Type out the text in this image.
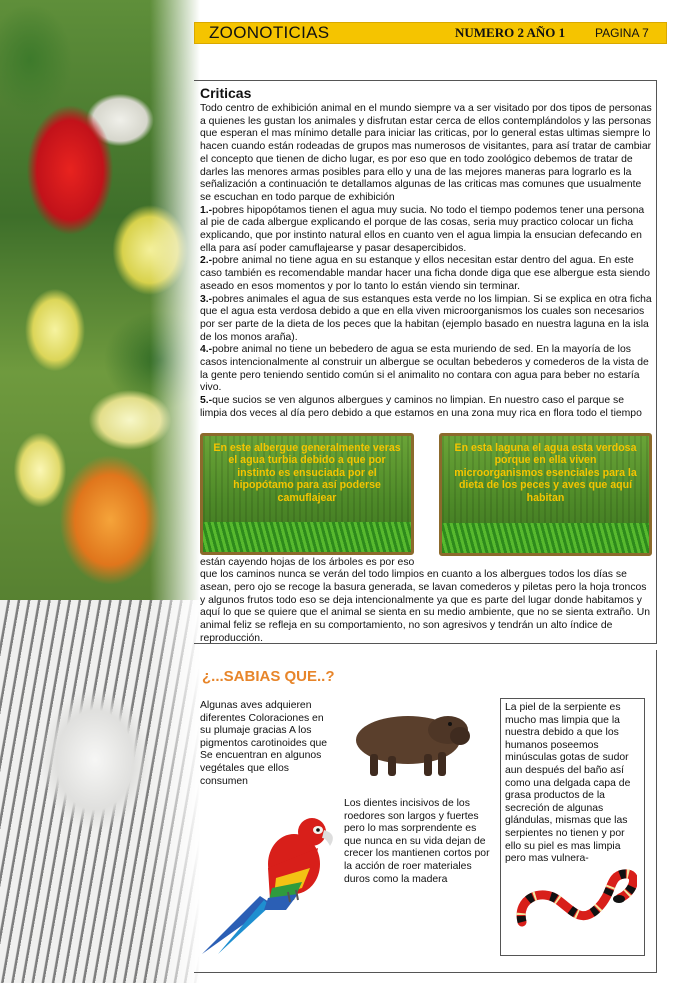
ZOONOTICIAS	NUMERO 2 AÑO 1 PAGINA 7
Criticas

Todo centro de exhibición animal en el mundo siempre va a ser visitado por dos tipos de personas a quienes les gustan los animales y disfrutan estar cerca de ellos contemplándolos y las personas que esperan el mas mínimo detalle para iniciar las criticas, por lo general estas ultimas siempre lo hacen cuando están rodeadas de grupos mas numerosos de visitantes, para así tratar de cambiar el concepto que tienen de dicho lugar, es por eso que en todo zoológico debemos de tratar de darles las menores armas posibles para ello y una de las mejores maneras para lograrlo es la señalización a continuación te detallamos algunas de las criticas mas comunes que usualmente se escuchan en todo parque de exhibición

En esta laguna el agua esta verdosa porque en ella viven microorganismos esenciales para la dieta de los peces y aves que aquí habitan
En este albergue generalmente veras el agua turbia debido a que por instinto es ensuciada por el hipopótamo para así poderse camuflajear

1.-pobres hipopótamos tienen el agua muy sucia. No todo el tiempo podemos tener una persona al pie de cada albergue explicando el porque de las cosas, seria muy practico colocar un ficha explicando, que por instinto natural ellos en cuanto ven el agua limpia la ensucian defecando en ella para así poder camuflajearse y pasar desapercibidos.

2.-pobre animal no tiene agua en su estanque y ellos necesitan estar dentro del agua. En este caso también es recomendable mandar hacer una ficha donde diga que ese albergue esta siendo aseado en esos momentos y por lo tanto lo están viendo sin terminar.

3.-pobres animales el agua de sus estanques esta verde no los limpian. Si se explica en otra ficha que el agua esta verdosa debido a que en ella viven microorganismos los cuales son necesarios por ser parte de la dieta de los peces que la habitan (ejemplo basado en nuestra laguna en la isla de los monos araña).

4.-pobre animal no tiene un bebedero de agua se esta muriendo de sed. En la mayoría de los casos intencionalmente al construir un albergue se ocultan bebederos y comederos de la vista de la gente pero teniendo sentido común si el animalito no contara con agua para beber no estaría vivo.

5.-que sucios se ven algunos albergues y caminos no limpian. En nuestro caso el parque se limpia dos veces al día pero debido a que estamos en una zona muy rica en flora todo el tiempo están cayendo hojas de los árboles es por eso que los caminos nunca se verán del todo limpios en cuanto a los albergues todos los días se asean, pero ojo se recoge la basura generada, se lavan comederos y piletas pero la hoja troncos y algunos frutos todo eso se deja intencionalmente ya que es parte del lugar donde habitamos y aquí lo que se quiere que el animal se sienta en su medio ambiente, que no se sienta extraño. Un animal feliz se refleja en su comportamiento, no son agresivos y tendrán un alto índice de reproducción.

¿...SABIAS QUE..?
Algunas aves adquieren diferentes Coloraciones en su plumaje gracias A los pigmentos carotinoides que Se encuentran en algunos vegétales que ellos consumen
Los dientes incisivos de los roedores son largos y fuertes pero lo mas sorprendente es que nunca en su vida dejan de crecer los mantienen cortos por la acción de roer materiales duros como la madera
La piel de la serpiente es mucho mas limpia que la nuestra debido a que los humanos poseemos minúsculas gotas de sudor aun después del baño así como una delgada capa de grasa productos de la secreción de algunas glándulas, mismas que las serpientes no tienen y por ello su piel es mas limpia pero mas vulnera-
